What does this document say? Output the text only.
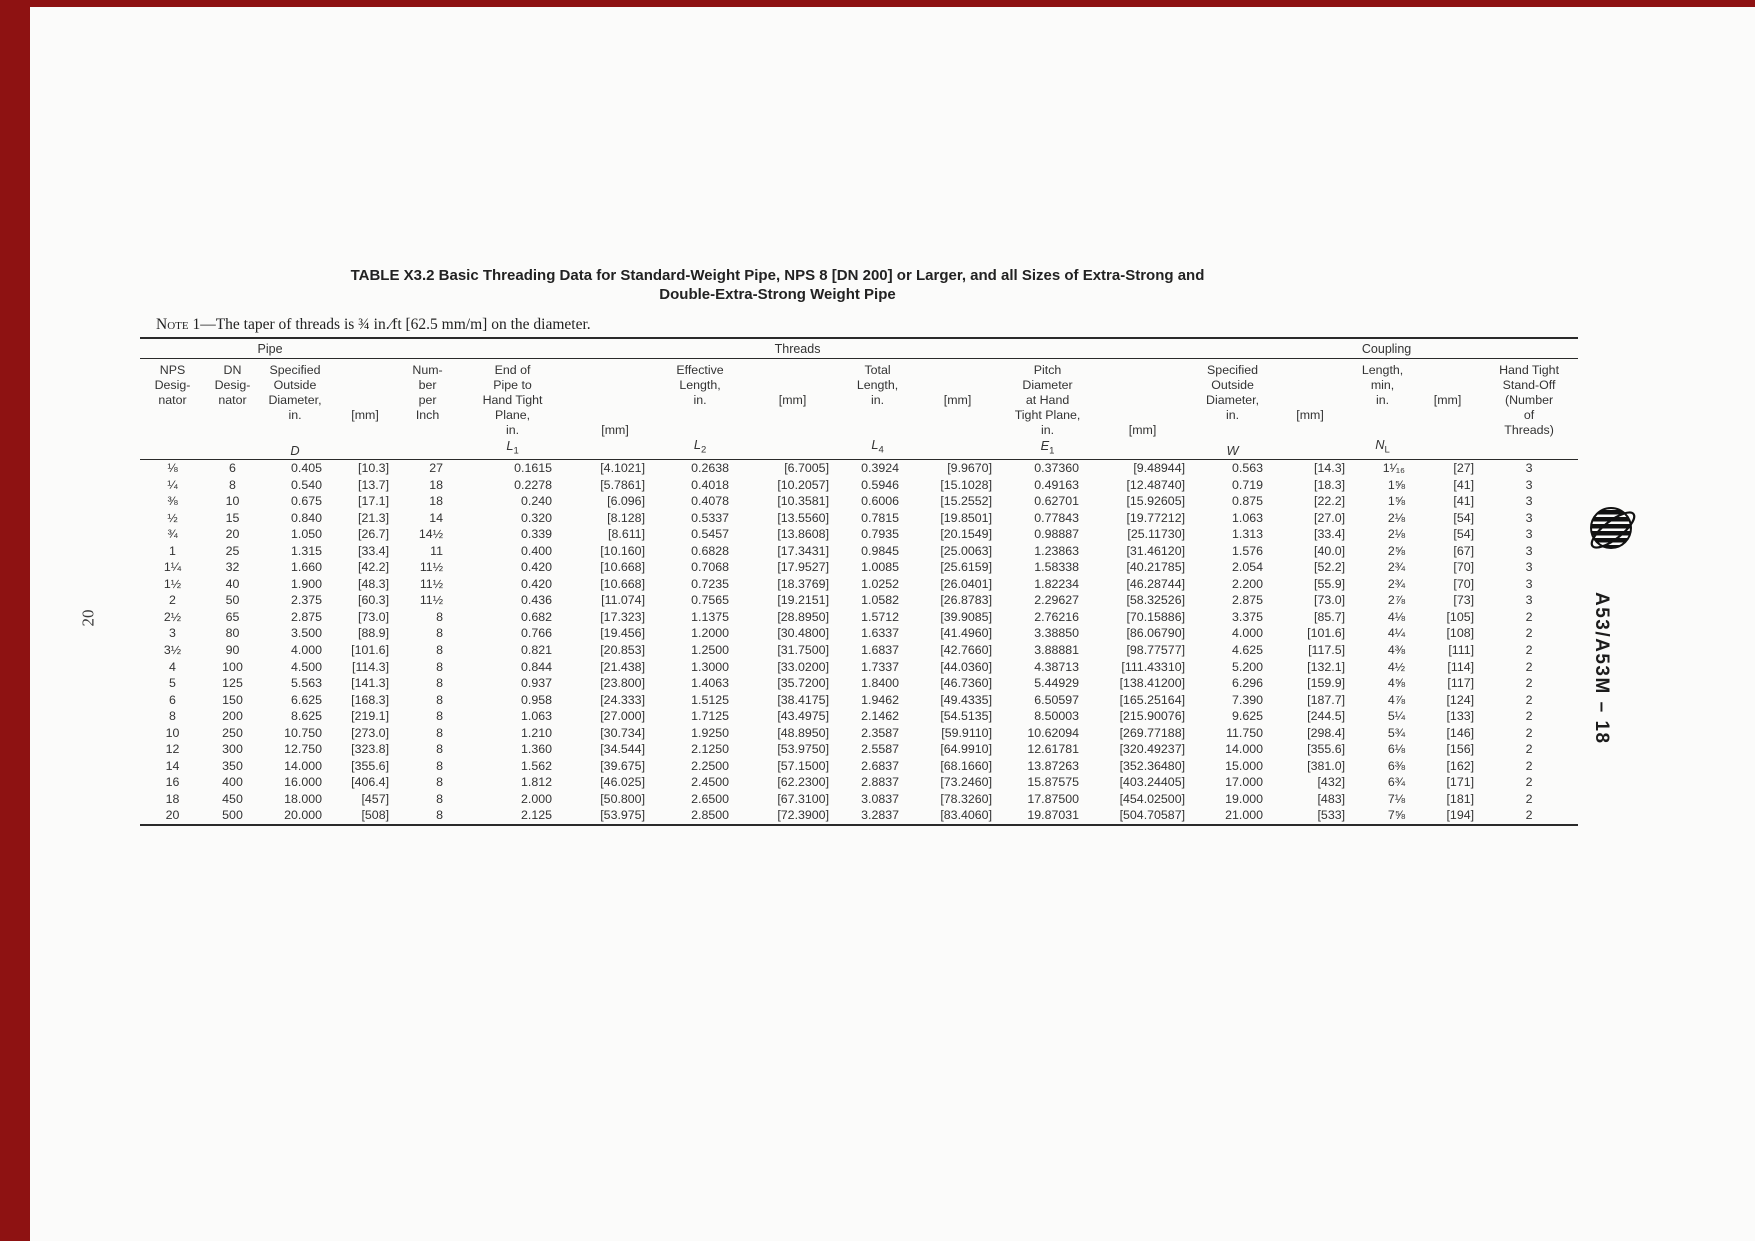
20
TABLE X3.2 Basic Threading Data for Standard-Weight Pipe, NPS 8 [DN 200] or Larger, and all Sizes of Extra-Strong and
Double-Extra-Strong Weight Pipe
Note 1—The taper of threads is ¾ in.⁄ft [62.5 mm/m] on the diameter.
Pipe				Threads									Coupling				

NPS
Desig-
nator

DN
Desig-
nator

Specified
Outside
Diameter,
in.
D

[mm]

Num-
ber
per
Inch

End of
Pipe to
Hand Tight
Plane,
in.
$L_1$

[mm]

Effective
Length,
in.
$L_2$

[mm]

Total
Length,
in.
$L_4$

[mm]

Pitch
Diameter
at Hand
Tight Plane,
in.
$E_1$

[mm]

Specified
Outside
Diameter,
in.
W

[mm]

Length,
min,
in.
$N_L$

[mm]

Hand Tight
Stand-Off
(Number
of
Threads)

⅛	6	0.405	[10.3]	27	0.1615	[4.1021]	0.2638	[6.7005]	0.3924	[9.9670]	0.37360	[9.48944]	0.563	[14.3]	1¹⁄₁₆	[27]	3
¼	8	0.540	[13.7]	18	0.2278	[5.7861]	0.4018	[10.2057]	0.5946	[15.1028]	0.49163	[12.48740]	0.719	[18.3]	1⅝	[41]	3
⅜	10	0.675	[17.1]	18	0.240	[6.096]	0.4078	[10.3581]	0.6006	[15.2552]	0.62701	[15.92605]	0.875	[22.2]	1⅝	[41]	3
½	15	0.840	[21.3]	14	0.320	[8.128]	0.5337	[13.5560]	0.7815	[19.8501]	0.77843	[19.77212]	1.063	[27.0]	2⅛	[54]	3
¾	20	1.050	[26.7]	14½	0.339	[8.611]	0.5457	[13.8608]	0.7935	[20.1549]	0.98887	[25.11730]	1.313	[33.4]	2⅛	[54]	3
1	25	1.315	[33.4]	11	0.400	[10.160]	0.6828	[17.3431]	0.9845	[25.0063]	1.23863	[31.46120]	1.576	[40.0]	2⅝	[67]	3
1¼	32	1.660	[42.2]	11½	0.420	[10.668]	0.7068	[17.9527]	1.0085	[25.6159]	1.58338	[40.21785]	2.054	[52.2]	2¾	[70]	3
1½	40	1.900	[48.3]	11½	0.420	[10.668]	0.7235	[18.3769]	1.0252	[26.0401]	1.82234	[46.28744]	2.200	[55.9]	2¾	[70]	3
2	50	2.375	[60.3]	11½	0.436	[11.074]	0.7565	[19.2151]	1.0582	[26.8783]	2.29627	[58.32526]	2.875	[73.0]	2⅞	[73]	3
2½	65	2.875	[73.0]	8	0.682	[17.323]	1.1375	[28.8950]	1.5712	[39.9085]	2.76216	[70.15886]	3.375	[85.7]	4⅛	[105]	2
3	80	3.500	[88.9]	8	0.766	[19.456]	1.2000	[30.4800]	1.6337	[41.4960]	3.38850	[86.06790]	4.000	[101.6]	4¼	[108]	2
3½	90	4.000	[101.6]	8	0.821	[20.853]	1.2500	[31.7500]	1.6837	[42.7660]	3.88881	[98.77577]	4.625	[117.5]	4⅜	[111]	2
4	100	4.500	[114.3]	8	0.844	[21.438]	1.3000	[33.0200]	1.7337	[44.0360]	4.38713	[111.43310]	5.200	[132.1]	4½	[114]	2
5	125	5.563	[141.3]	8	0.937	[23.800]	1.4063	[35.7200]	1.8400	[46.7360]	5.44929	[138.41200]	6.296	[159.9]	4⅝	[117]	2
6	150	6.625	[168.3]	8	0.958	[24.333]	1.5125	[38.4175]	1.9462	[49.4335]	6.50597	[165.25164]	7.390	[187.7]	4⅞	[124]	2
8	200	8.625	[219.1]	8	1.063	[27.000]	1.7125	[43.4975]	2.1462	[54.5135]	8.50003	[215.90076]	9.625	[244.5]	5¼	[133]	2
10	250	10.750	[273.0]	8	1.210	[30.734]	1.9250	[48.8950]	2.3587	[59.9110]	10.62094	[269.77188]	11.750	[298.4]	5¾	[146]	2
12	300	12.750	[323.8]	8	1.360	[34.544]	2.1250	[53.9750]	2.5587	[64.9910]	12.61781	[320.49237]	14.000	[355.6]	6⅛	[156]	2
14	350	14.000	[355.6]	8	1.562	[39.675]	2.2500	[57.1500]	2.6837	[68.1660]	13.87263	[352.36480]	15.000	[381.0]	6⅜	[162]	2
16	400	16.000	[406.4]	8	1.812	[46.025]	2.4500	[62.2300]	2.8837	[73.2460]	15.87575	[403.24405]	17.000	[432]	6¾	[171]	2
18	450	18.000	[457]	8	2.000	[50.800]	2.6500	[67.3100]	3.0837	[78.3260]	17.87500	[454.02500]	19.000	[483]	7⅛	[181]	2
20	500	20.000	[508]	8	2.125	[53.975]	2.8500	[72.3900]	3.2837	[83.4060]	19.87031	[504.70587]	21.000	[533]	7⅝	[194]	2
A53/A53M – 18
